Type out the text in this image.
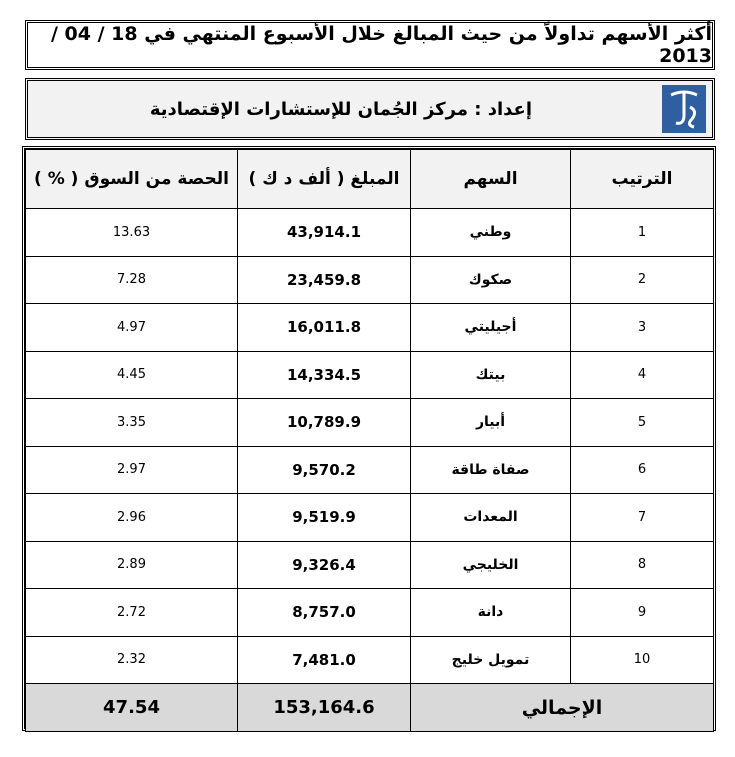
أكثر الأسهم تداولاً من حيث المبالغ خلال الأسبوع المنتهي في 18 / 04 / 2013
إعداد : مركز الجُمان للإستشارات الإقتصادية
الترتيب	السهم	المبلغ ( ألف د ك )	الحصة من السوق ( % )
1	وطني	43,914.1	13.63
2	صكوك	23,459.8	7.28
3	أجيليتي	16,011.8	4.97
4	بيتك	14,334.5	4.45
5	أبيار	10,789.9	3.35
6	صفاة طاقة	9,570.2	2.97
7	المعدات	9,519.9	2.96
8	الخليجي	9,326.4	2.89
9	دانة	8,757.0	2.72
10	تمويل خليج	7,481.0	2.32
الإجمالي		153,164.6	47.54
